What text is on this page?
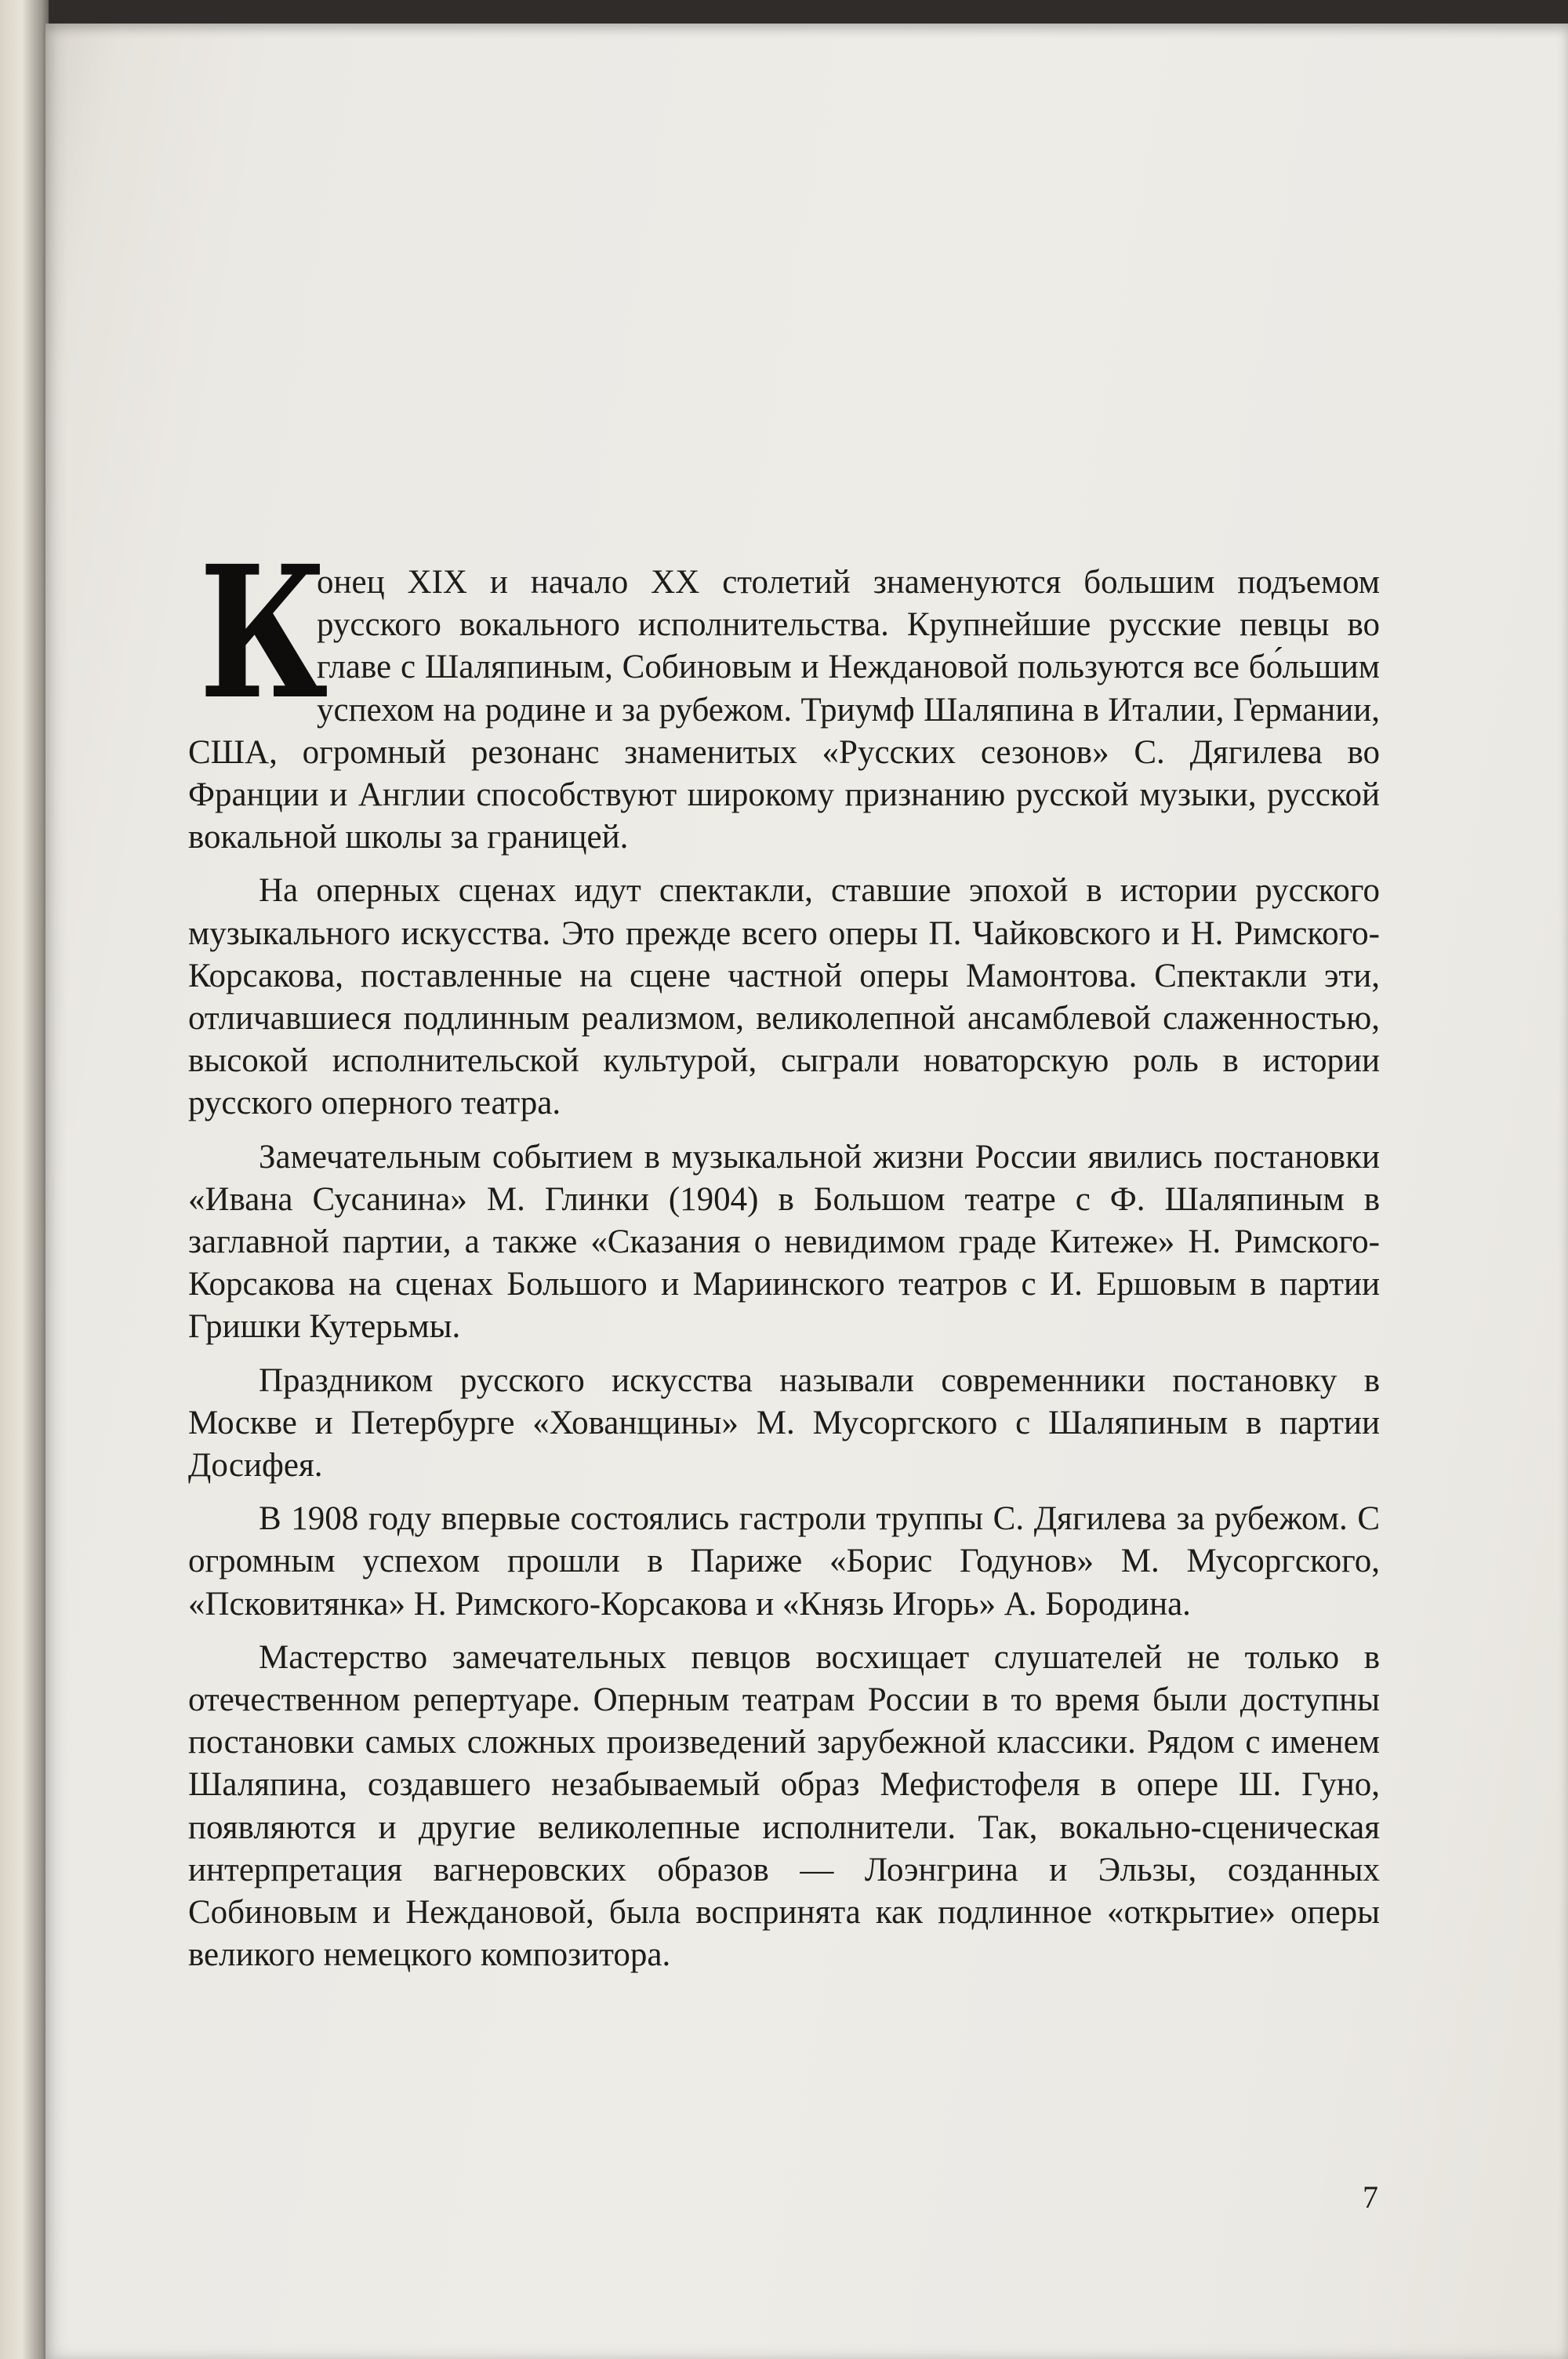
К
онец XIX и начало XX столетий знаменуются большим подъемом русского вокального исполнительства. Крупнейшие русские певцы во главе с Шаляпиным, Собиновым и Неждановой пользуются все бо́льшим успехом на родине и за рубежом. Триумф Шаляпина в Италии, Германии, США, огромный резонанс знаменитых «Русских сезонов» С. Дягилева во Франции и Англии способствуют широкому признанию русской музыки, русской вокальной школы за границей.

На оперных сценах идут спектакли, ставшие эпохой в истории русского музыкального искусства. Это прежде всего оперы П. Чайковского и Н. Римского-Корсакова, поставленные на сцене частной оперы Мамонтова. Спектакли эти, отличавшиеся подлинным реализмом, великолепной ансамблевой слаженностью, высокой исполнительской культурой, сыграли новаторскую роль в истории русского оперного театра.

Замечательным событием в музыкальной жизни России явились постановки «Ивана Сусанина» М. Глинки (1904) в Большом театре с Ф. Шаляпиным в заглавной партии, а также «Сказания о невидимом граде Китеже» Н. Римского-Корсакова на сценах Большого и Мариинского театров с И. Ершовым в партии Гришки Кутерьмы.

Праздником русского искусства называли современники постановку в Москве и Петербурге «Хованщины» М. Мусоргского с Шаляпиным в партии Досифея.

В 1908 году впервые состоялись гастроли труппы С. Дягилева за рубежом. С огромным успехом прошли в Париже «Борис Годунов» М. Мусоргского, «Псковитянка» Н. Римского-Корсакова и «Князь Игорь» А. Бородина.

Мастерство замечательных певцов восхищает слушателей не только в отечественном репертуаре. Оперным театрам России в то время были доступны постановки самых сложных произведений зарубежной классики. Рядом с именем Шаляпина, создавшего незабываемый образ Мефистофеля в опере Ш. Гуно, появляются и другие великолепные исполнители. Так, вокально-сценическая интерпретация вагнеровских образов — Лоэнгрина и Эльзы, созданных Собиновым и Неждановой, была воспринята как подлинное «открытие» оперы великого немецкого композитора.

7
